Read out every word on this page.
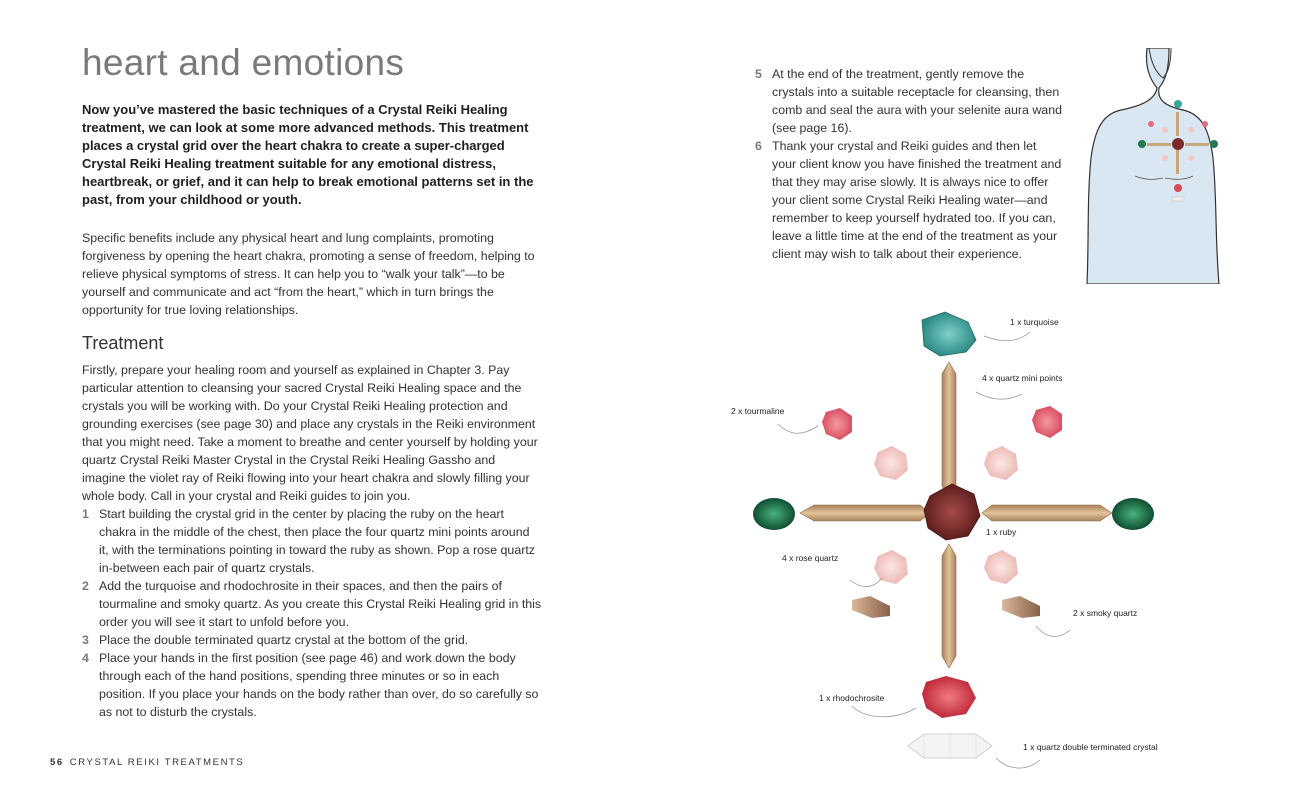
heart and emotions

Now you’ve mastered the basic techniques of a Crystal Reiki Healing treatment, we can look at some more advanced methods. This treatment places a crystal grid over the heart chakra to create a super-charged Crystal Reiki Healing treatment suitable for any emotional distress, heartbreak, or grief, and it can help to break emotional patterns set in the past, from your childhood or youth.

Specific benefits include any physical heart and lung complaints, promoting forgiveness by opening the heart chakra, promoting a sense of freedom, helping to relieve physical symptoms of stress. It can help you to “walk your talk”—to be yourself and communicate and act “from the heart,” which in turn brings the opportunity for true loving relationships.

Treatment

Firstly, prepare your healing room and yourself as explained in Chapter 3. Pay particular attention to cleansing your sacred Crystal Reiki Healing space and the crystals you will be working with. Do your Crystal Reiki Healing protection and grounding exercises (see page 30) and place any crystals in the Reiki environment that you might need. Take a moment to breathe and center yourself by holding your quartz Crystal Reiki Master Crystal in the Crystal Reiki Healing Gassho and imagine the violet ray of Reiki flowing into your heart chakra and slowly filling your whole body. Call in your crystal and Reiki guides to join you.

1 Start building the crystal grid in the center by placing the ruby on the heart chakra in the middle of the chest, then place the four quartz mini points around it, with the terminations pointing in toward the ruby as shown. Pop a rose quartz in-between each pair of quartz crystals.
2 Add the turquoise and rhodochrosite in their spaces, and then the pairs of tourmaline and smoky quartz. As you create this Crystal Reiki Healing grid in this order you will see it start to unfold before you.
3 Place the double terminated quartz crystal at the bottom of the grid.
4 Place your hands in the first position (see page 46) and work down the body through each of the hand positions, spending three minutes or so in each position. If you place your hands on the body rather than over, do so carefully so as not to disturb the crystals.
5 At the end of the treatment, gently remove the crystals into a suitable receptacle for cleansing, then comb and seal the aura with your selenite aura wand (see page 16).
6 Thank your crystal and Reiki guides and then let your client know you have finished the treatment and that they may arise slowly. It is always nice to offer your client some Crystal Reiki Healing water—and remember to keep yourself hydrated too. If you can, leave a little time at the end of the treatment as your client may wish to talk about their experience.
56 CRYSTAL REIKI TREATMENTS
1 x turquoise
4 x quartz mini points
2 x tourmaline
1 x ruby
4 x rose quartz
2 x smoky quartz
1 x rhodochrosite
1 x quartz double terminated crystal
